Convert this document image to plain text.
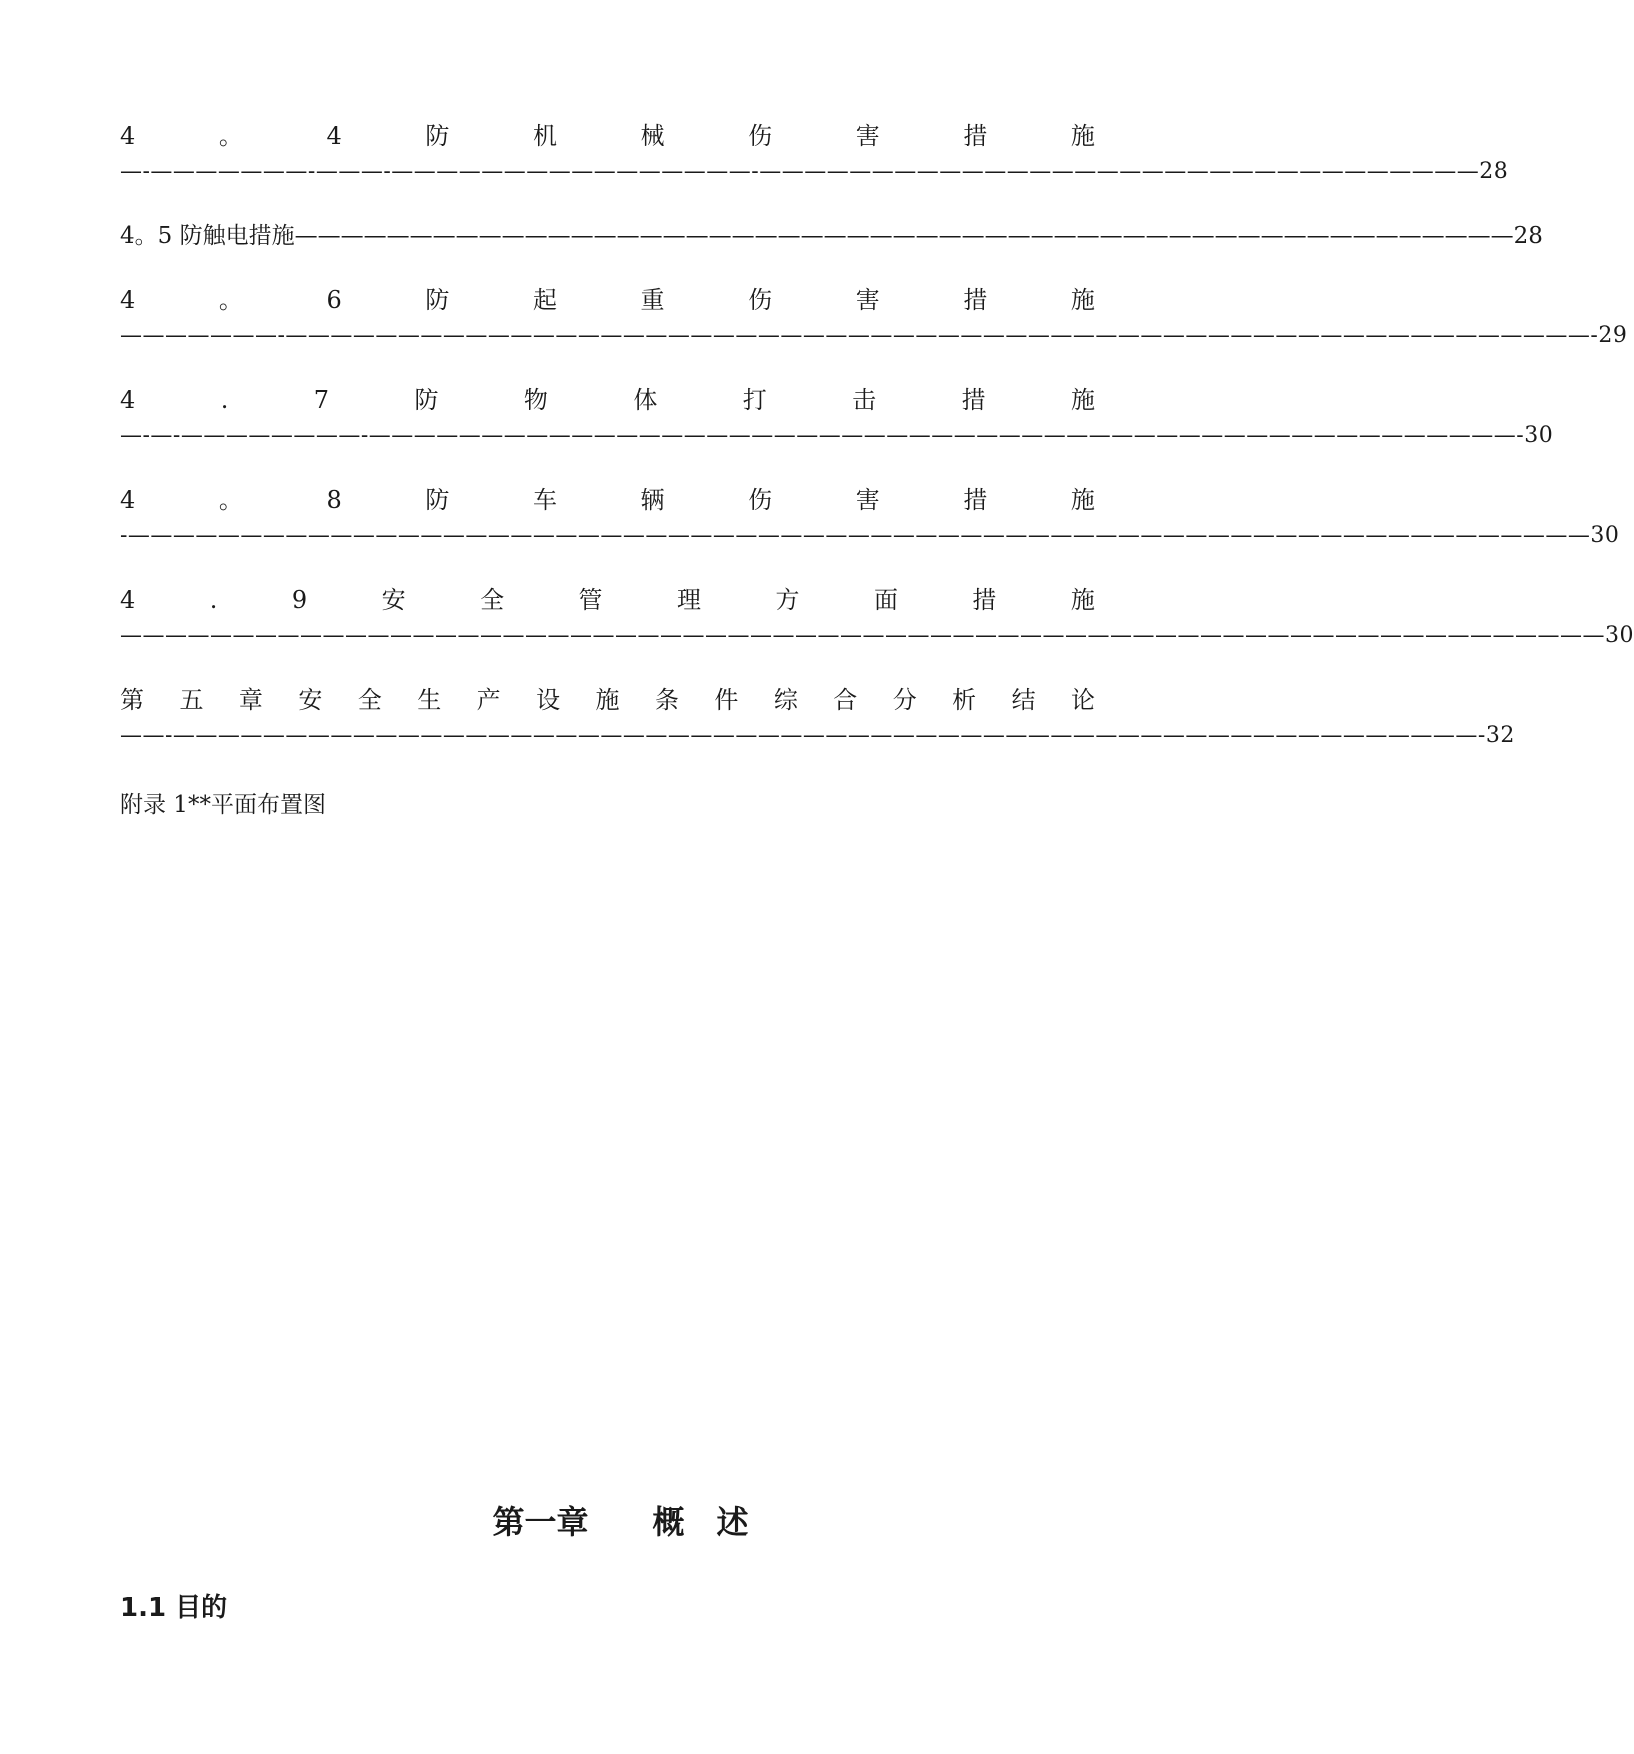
4	。	4	防	机	械	伤	害	措	施
—-———————-———-————————————————-————————————————————————————————28
4。5 防触电措施—————————————————————————————————————————————————————28
4	。	6	防	起	重	伤	害	措	施
———————-——————————————————————————————————————————————————————————-29
4	.	7	防	物	体	打	击	措	施
—-—-————————-———————————————————————————————————————————————————-30
4	。	8	防	车	辆	伤	害	措	施
-—————————————————————————————————————————————————————————————————30
4	.	9	安	全	管	理	方	面	措	施
——————————————————————————————————————————————————————————————————30
第 五 章 安 全 生 产 设 施 条 件 综 合 分 析 结 论
——-——————————————————————————————————————————————————————————-32
附录 1**平面布置图
第一章　　概　述
1.1 目的
